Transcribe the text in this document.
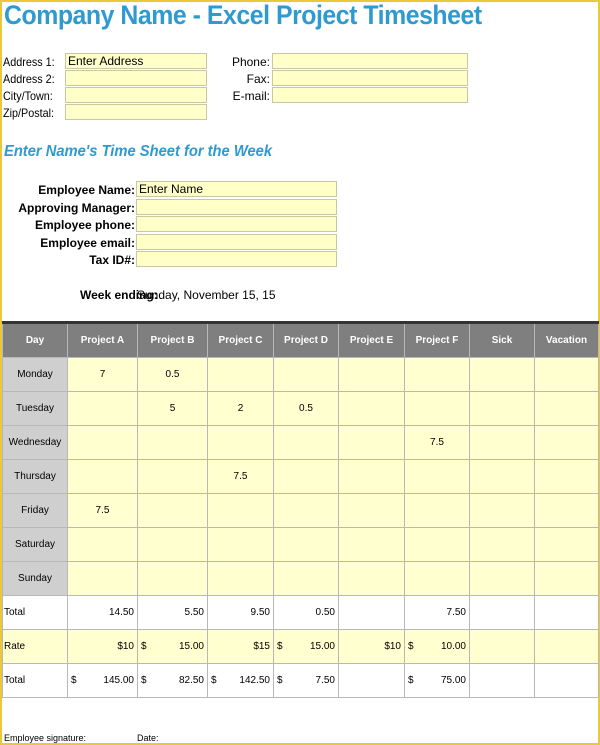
Company Name - Excel Project Timesheet
Address 1: Enter Address
Address 2:
City/Town:
Zip/Postal:
Phone:
Fax:
E-mail:
Enter Name's Time Sheet for the Week
Employee Name: Enter Name
Approving Manager:
Employee phone:
Employee email:
Tax ID#:
Week ending:
Sunday, November 15, 15
Day	Project A	Project B	Project C	Project D	Project E	Project F	Sick	Vacation
Monday	7	0.5						
Tuesday		5	2	0.5				
Wednesday						7.5		
Thursday			7.5					
Friday	7.5							
Saturday								
Sunday								
Total	14.50	5.50	9.50	0.50		7.50		

Rate	$10	$ 15.00	$15	$ 15.00	$10	$ 10.00		

Total	$ 145.00	$ 82.50	$ 142.50	$ 7.50		$ 75.00		

Employee signature:	Date:
